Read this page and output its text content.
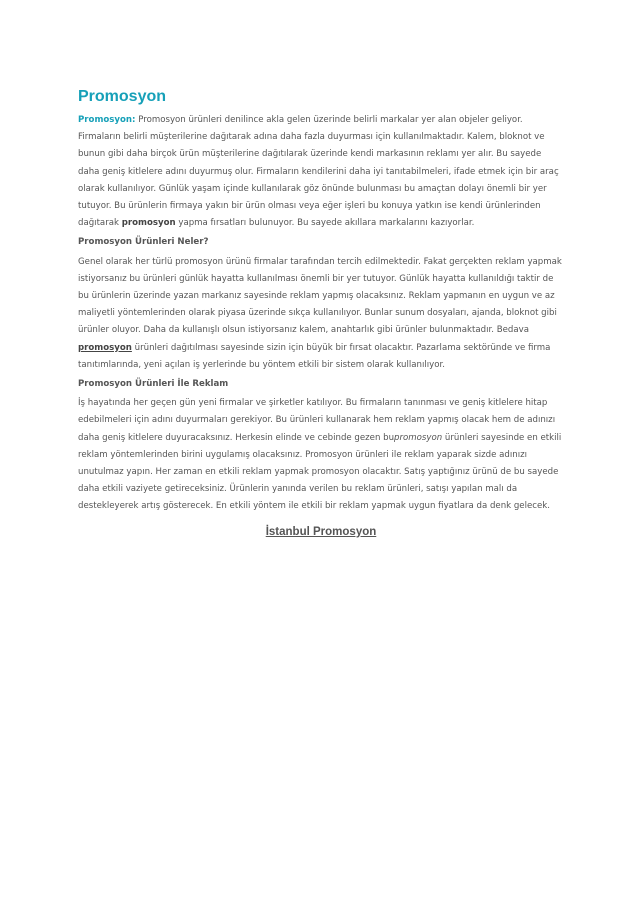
Promosyon

Promosyon: Promosyon ürünleri denilince akla gelen üzerinde belirli markalar yer alan objeler geliyor. Firmaların belirli müşterilerine dağıtarak adına daha fazla duyurması için kullanılmaktadır. Kalem, bloknot ve bunun gibi daha birçok ürün müşterilerine dağıtılarak üzerinde kendi markasının reklamı yer alır. Bu sayede daha geniş kitlelere adını duyurmuş olur. Firmaların kendilerini daha iyi tanıtabilmeleri, ifade etmek için bir araç olarak kullanılıyor. Günlük yaşam içinde kullanılarak göz önünde bulunması bu amaçtan dolayı önemli bir yer tutuyor. Bu ürünlerin firmaya yakın bir ürün olması veya eğer işleri bu konuya yatkın ise kendi ürünlerinden dağıtarak promosyon yapma fırsatları bulunuyor. Bu sayede akıllara markalarını kazıyorlar.

Promosyon Ürünleri Neler?

Genel olarak her türlü promosyon ürünü firmalar tarafından tercih edilmektedir. Fakat gerçekten reklam yapmak istiyorsanız bu ürünleri günlük hayatta kullanılması önemli bir yer tutuyor. Günlük hayatta kullanıldığı taktir de bu ürünlerin üzerinde yazan markanız sayesinde reklam yapmış olacaksınız. Reklam yapmanın en uygun ve az maliyetli yöntemlerinden olarak piyasa üzerinde sıkça kullanılıyor. Bunlar sunum dosyaları, ajanda, bloknot gibi ürünler oluyor. Daha da kullanışlı olsun istiyorsanız kalem, anahtarlık gibi ürünler bulunmaktadır. Bedava promosyon ürünleri dağıtılması sayesinde sizin için büyük bir fırsat olacaktır. Pazarlama sektöründe ve firma tanıtımlarında, yeni açılan iş yerlerinde bu yöntem etkili bir sistem olarak kullanılıyor.

Promosyon Ürünleri İle Reklam

İş hayatında her geçen gün yeni firmalar ve şirketler katılıyor. Bu firmaların tanınması ve geniş kitlelere hitap edebilmeleri için adını duyurmaları gerekiyor. Bu ürünleri kullanarak hem reklam yapmış olacak hem de adınızı daha geniş kitlelere duyuracaksınız. Herkesin elinde ve cebinde gezen bupromosyon ürünleri sayesinde en etkili reklam yöntemlerinden birini uygulamış olacaksınız. Promosyon ürünleri ile reklam yaparak sizde adınızı unutulmaz yapın. Her zaman en etkili reklam yapmak promosyon olacaktır. Satış yaptığınız ürünü de bu sayede daha etkili vaziyete getireceksiniz. Ürünlerin yanında verilen bu reklam ürünleri, satışı yapılan malı da destekleyerek artış gösterecek. En etkili yöntem ile etkili bir reklam yapmak uygun fiyatlara da denk gelecek.

İstanbul Promosyon
